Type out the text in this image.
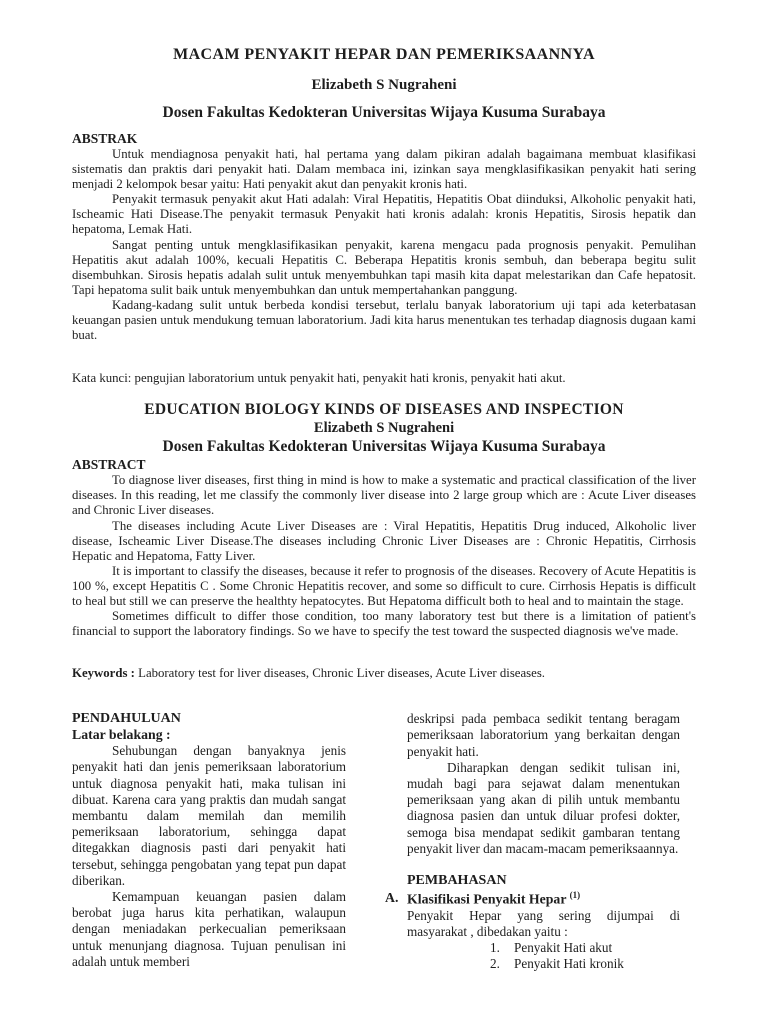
MACAM PENYAKIT HEPAR DAN PEMERIKSAANNYA
Elizabeth S Nugraheni
Dosen Fakultas Kedokteran Universitas Wijaya Kusuma Surabaya
ABSTRAK

Untuk mendiagnosa penyakit hati, hal pertama yang dalam pikiran adalah bagaimana membuat klasifikasi sistematis dan praktis dari penyakit hati. Dalam membaca ini, izinkan saya mengklasifikasikan penyakit hati sering menjadi 2 kelompok besar yaitu: Hati penyakit akut dan penyakit kronis hati.

Penyakit termasuk penyakit akut Hati adalah: Viral Hepatitis, Hepatitis Obat diinduksi, Alkoholic penyakit hati, Ischeamic Hati Disease.The penyakit termasuk Penyakit hati kronis adalah: kronis Hepatitis, Sirosis hepatik dan hepatoma, Lemak Hati.

Sangat penting untuk mengklasifikasikan penyakit, karena mengacu pada prognosis penyakit. Pemulihan Hepatitis akut adalah 100%, kecuali Hepatitis C. Beberapa Hepatitis kronis sembuh, dan beberapa begitu sulit disembuhkan. Sirosis hepatis adalah sulit untuk menyembuhkan tapi masih kita dapat melestarikan dan Cafe hepatosit. Tapi hepatoma sulit baik untuk menyembuhkan dan untuk mempertahankan panggung.

Kadang-kadang sulit untuk berbeda kondisi tersebut, terlalu banyak laboratorium uji tapi ada keterbatasan keuangan pasien untuk mendukung temuan laboratorium. Jadi kita harus menentukan tes terhadap diagnosis dugaan kami buat.

Kata kunci: pengujian laboratorium untuk penyakit hati, penyakit hati kronis, penyakit hati akut.

EDUCATION BIOLOGY KINDS OF DISEASES AND INSPECTION
Elizabeth S Nugraheni
Dosen Fakultas Kedokteran Universitas Wijaya Kusuma Surabaya
ABSTRACT

To diagnose liver diseases, first thing in mind is how to make a systematic and practical classification of the liver diseases. In this reading, let me classify the commonly liver disease into 2 large group which are : Acute Liver diseases and Chronic Liver diseases.

The diseases including Acute Liver Diseases are : Viral Hepatitis, Hepatitis Drug induced, Alkoholic liver disease, Ischeamic Liver Disease.The diseases including Chronic Liver Diseases are : Chronic Hepatitis, Cirrhosis Hepatic and Hepatoma, Fatty Liver.

It is important to classify the diseases, because it refer to prognosis of the diseases. Recovery of Acute Hepatitis is 100 %, except Hepatitis C . Some Chronic Hepatitis recover, and some so difficult to cure. Cirrhosis Hepatis is difficult to heal but still we can preserve the healthty hepatocytes. But Hepatoma difficult both to heal and to maintain the stage.

Sometimes difficult to differ those condition, too many laboratory test but there is a limitation of patient's financial to support the laboratory findings. So we have to specify the test toward the suspected diagnosis we've made.

Keywords : Laboratory test for liver diseases, Chronic Liver diseases, Acute Liver diseases.

PENDAHULUAN
Latar belakang :

Sehubungan dengan banyaknya jenis penyakit hati dan jenis pemeriksaan laboratorium untuk diagnosa penyakit hati, maka tulisan ini dibuat. Karena cara yang praktis dan mudah sangat membantu dalam memilah dan memilih pemeriksaan laboratorium, sehingga dapat ditegakkan diagnosis pasti dari penyakit hati tersebut, sehingga pengobatan yang tepat pun dapat diberikan.

Kemampuan keuangan pasien dalam berobat juga harus kita perhatikan, walaupun dengan meniadakan perkecualian pemeriksaan untuk menunjang diagnosa. Tujuan penulisan ini adalah untuk memberi

deskripsi pada pembaca sedikit tentang beragam pemeriksaan laboratorium yang berkaitan dengan penyakit hati.

Diharapkan dengan sedikit tulisan ini, mudah bagi para sejawat dalam menentukan pemeriksaan yang akan di pilih untuk membantu diagnosa pasien dan untuk diluar profesi dokter, semoga bisa mendapat sedikit gambaran tentang penyakit liver dan macam-macam pemeriksaannya.

PEMBAHASAN
A. Klasifikasi Penyakit Hepar $^{(1)}$

Penyakit Hepar yang sering dijumpai di masyarakat , dibedakan yaitu :

1.	Penyakit Hati akut
2.	Penyakit Hati kronik
